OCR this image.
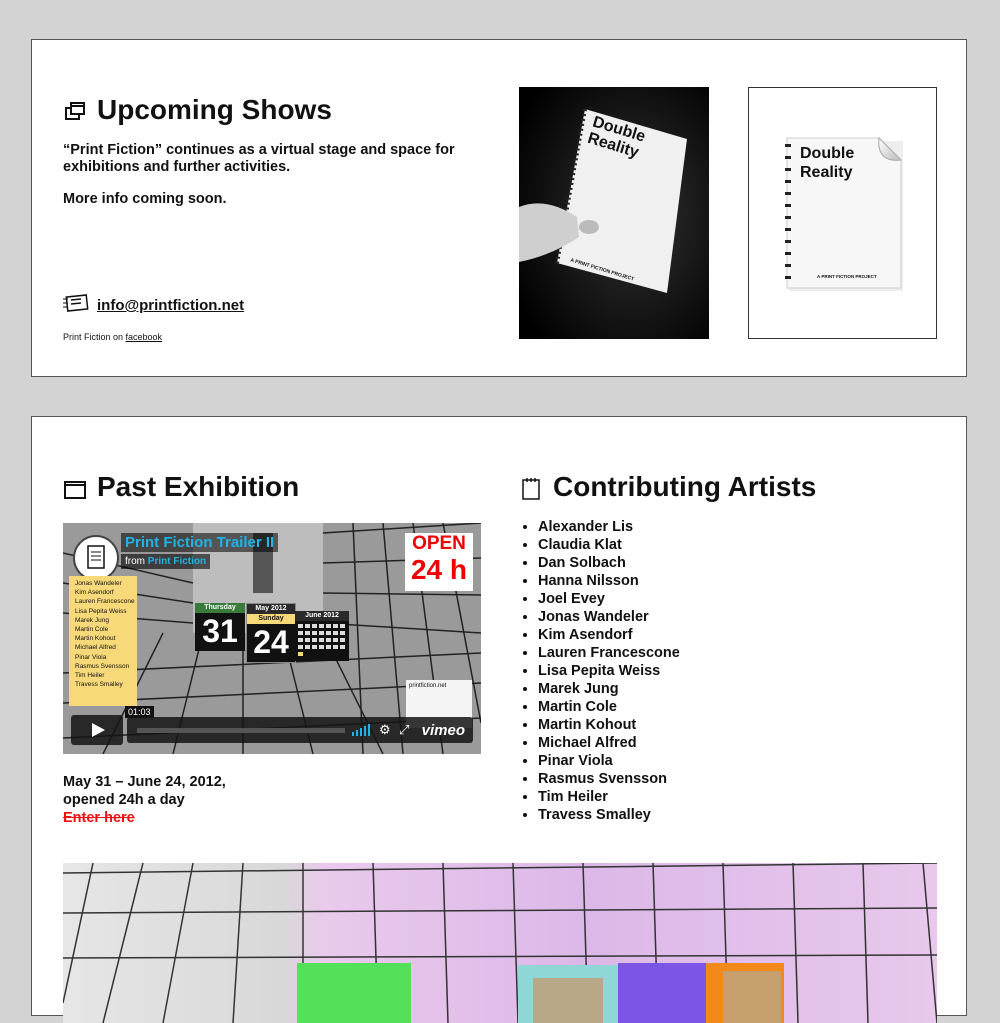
Upcoming Shows

“Print Fiction” continues as a virtual stage and space for exhibitions and further activities.

More info coming soon.

info@printfiction.net
Print Fiction on facebook
Double Reality
A PRINT FICTION PROJECT
Double Reality
A PRINT FICTION PROJECT
Past Exhibition	Contributing Artists
Print Fiction Trailer II
from Print Fiction
Jonas Wandeler
Kim Asendorf
Lauren Francescone
Lisa Pepita Weiss
Marek Jung
Martin Cole
Martin Kohout
Michael Alfred
Pinar Viola
Rasmus Svensson
Tim Heiler
Travess Smalley
OPEN
24 h
Thursday
31
May 2012
Sunday
24
June 2012
printfiction.net
01:03
⚙ ⤢ vimeo
May 31 – June 24, 2012,
opened 24h a day
Enter here
• Alexander Lis
• Claudia Klat
• Dan Solbach
• Hanna Nilsson
• Joel Evey
• Jonas Wandeler
• Kim Asendorf
• Lauren Francescone
• Lisa Pepita Weiss
• Marek Jung
• Martin Cole
• Martin Kohout
• Michael Alfred
• Pinar Viola
• Rasmus Svensson
• Tim Heiler
• Travess Smalley
